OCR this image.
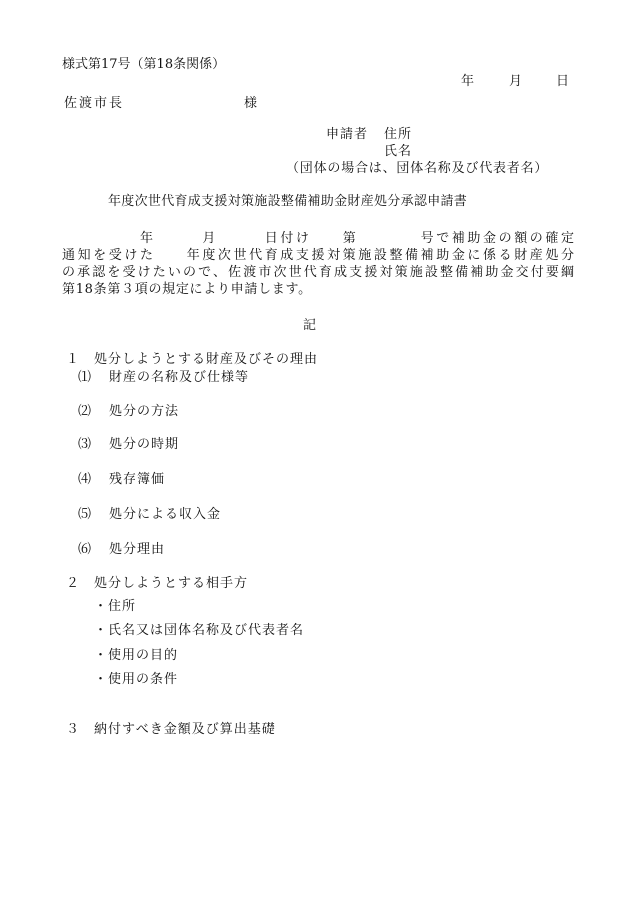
様式第17号（第18条関係）
年	月	日
佐渡市長	様
申請者 住所
氏名
（団体の場合は、団体名称及び代表者名）
年度次世代育成支援対策施設整備補助金財産処分承認申請書
年　　　月　　　日付け　　第　　　　号で補助金の額の確定
通知を受けた　　年度次世代育成支援対策施設整備補助金に係る財産処分
の承認を受けたいので、佐渡市次世代育成支援対策施設整備補助金交付要綱
第18条第３項の規定により申請します。
記
１ 処分しようとする財産及びその理由
⑴ 財産の名称及び仕様等
⑵ 処分の方法
⑶ 処分の時期
⑷ 残存簿価
⑸ 処分による収入金
⑹ 処分理由
２ 処分しようとする相手方
・住所
・氏名又は団体名称及び代表者名
・使用の目的
・使用の条件
３ 納付すべき金額及び算出基礎
